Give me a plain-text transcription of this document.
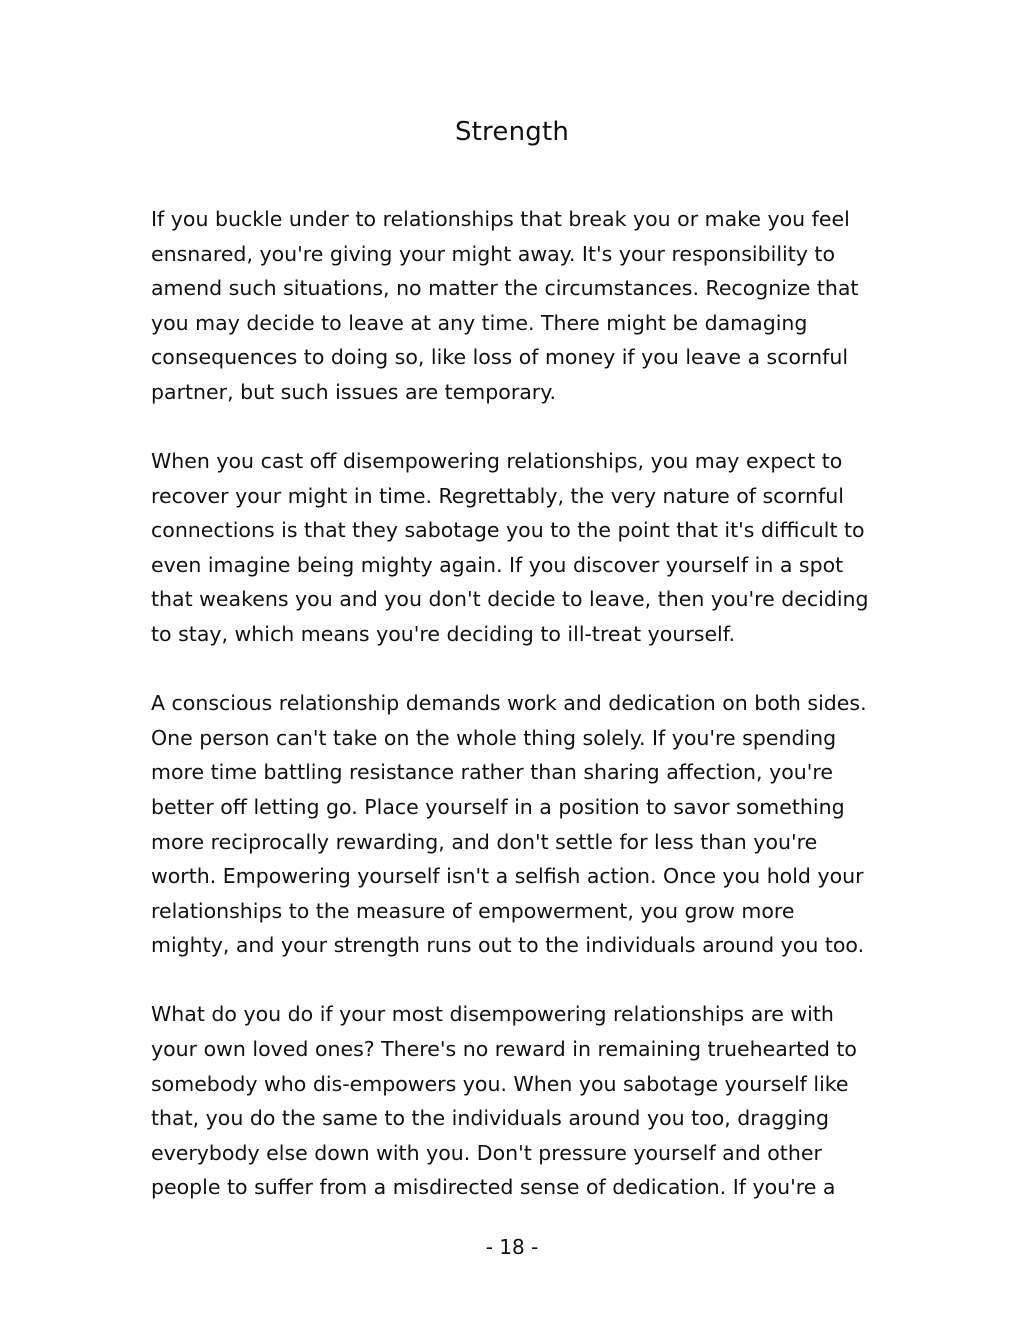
Strength

If you buckle under to relationships that break you or make you feel
ensnared, you're giving your might away. It's your responsibility to
amend such situations, no matter the circumstances. Recognize that
you may decide to leave at any time. There might be damaging
consequences to doing so, like loss of money if you leave a scornful
partner, but such issues are temporary.

When you cast off disempowering relationships, you may expect to
recover your might in time. Regrettably, the very nature of scornful
connections is that they sabotage you to the point that it's difficult to
even imagine being mighty again. If you discover yourself in a spot
that weakens you and you don't decide to leave, then you're deciding
to stay, which means you're deciding to ill-treat yourself.

A conscious relationship demands work and dedication on both sides.
One person can't take on the whole thing solely. If you're spending
more time battling resistance rather than sharing affection, you're
better off letting go. Place yourself in a position to savor something
more reciprocally rewarding, and don't settle for less than you're
worth. Empowering yourself isn't a selfish action. Once you hold your
relationships to the measure of empowerment, you grow more
mighty, and your strength runs out to the individuals around you too.

What do you do if your most disempowering relationships are with
your own loved ones? There's no reward in remaining truehearted to
somebody who dis-empowers you. When you sabotage yourself like
that, you do the same to the individuals around you too, dragging
everybody else down with you. Don't pressure yourself and other
people to suffer from a misdirected sense of dedication. If you're a

- 18 -
